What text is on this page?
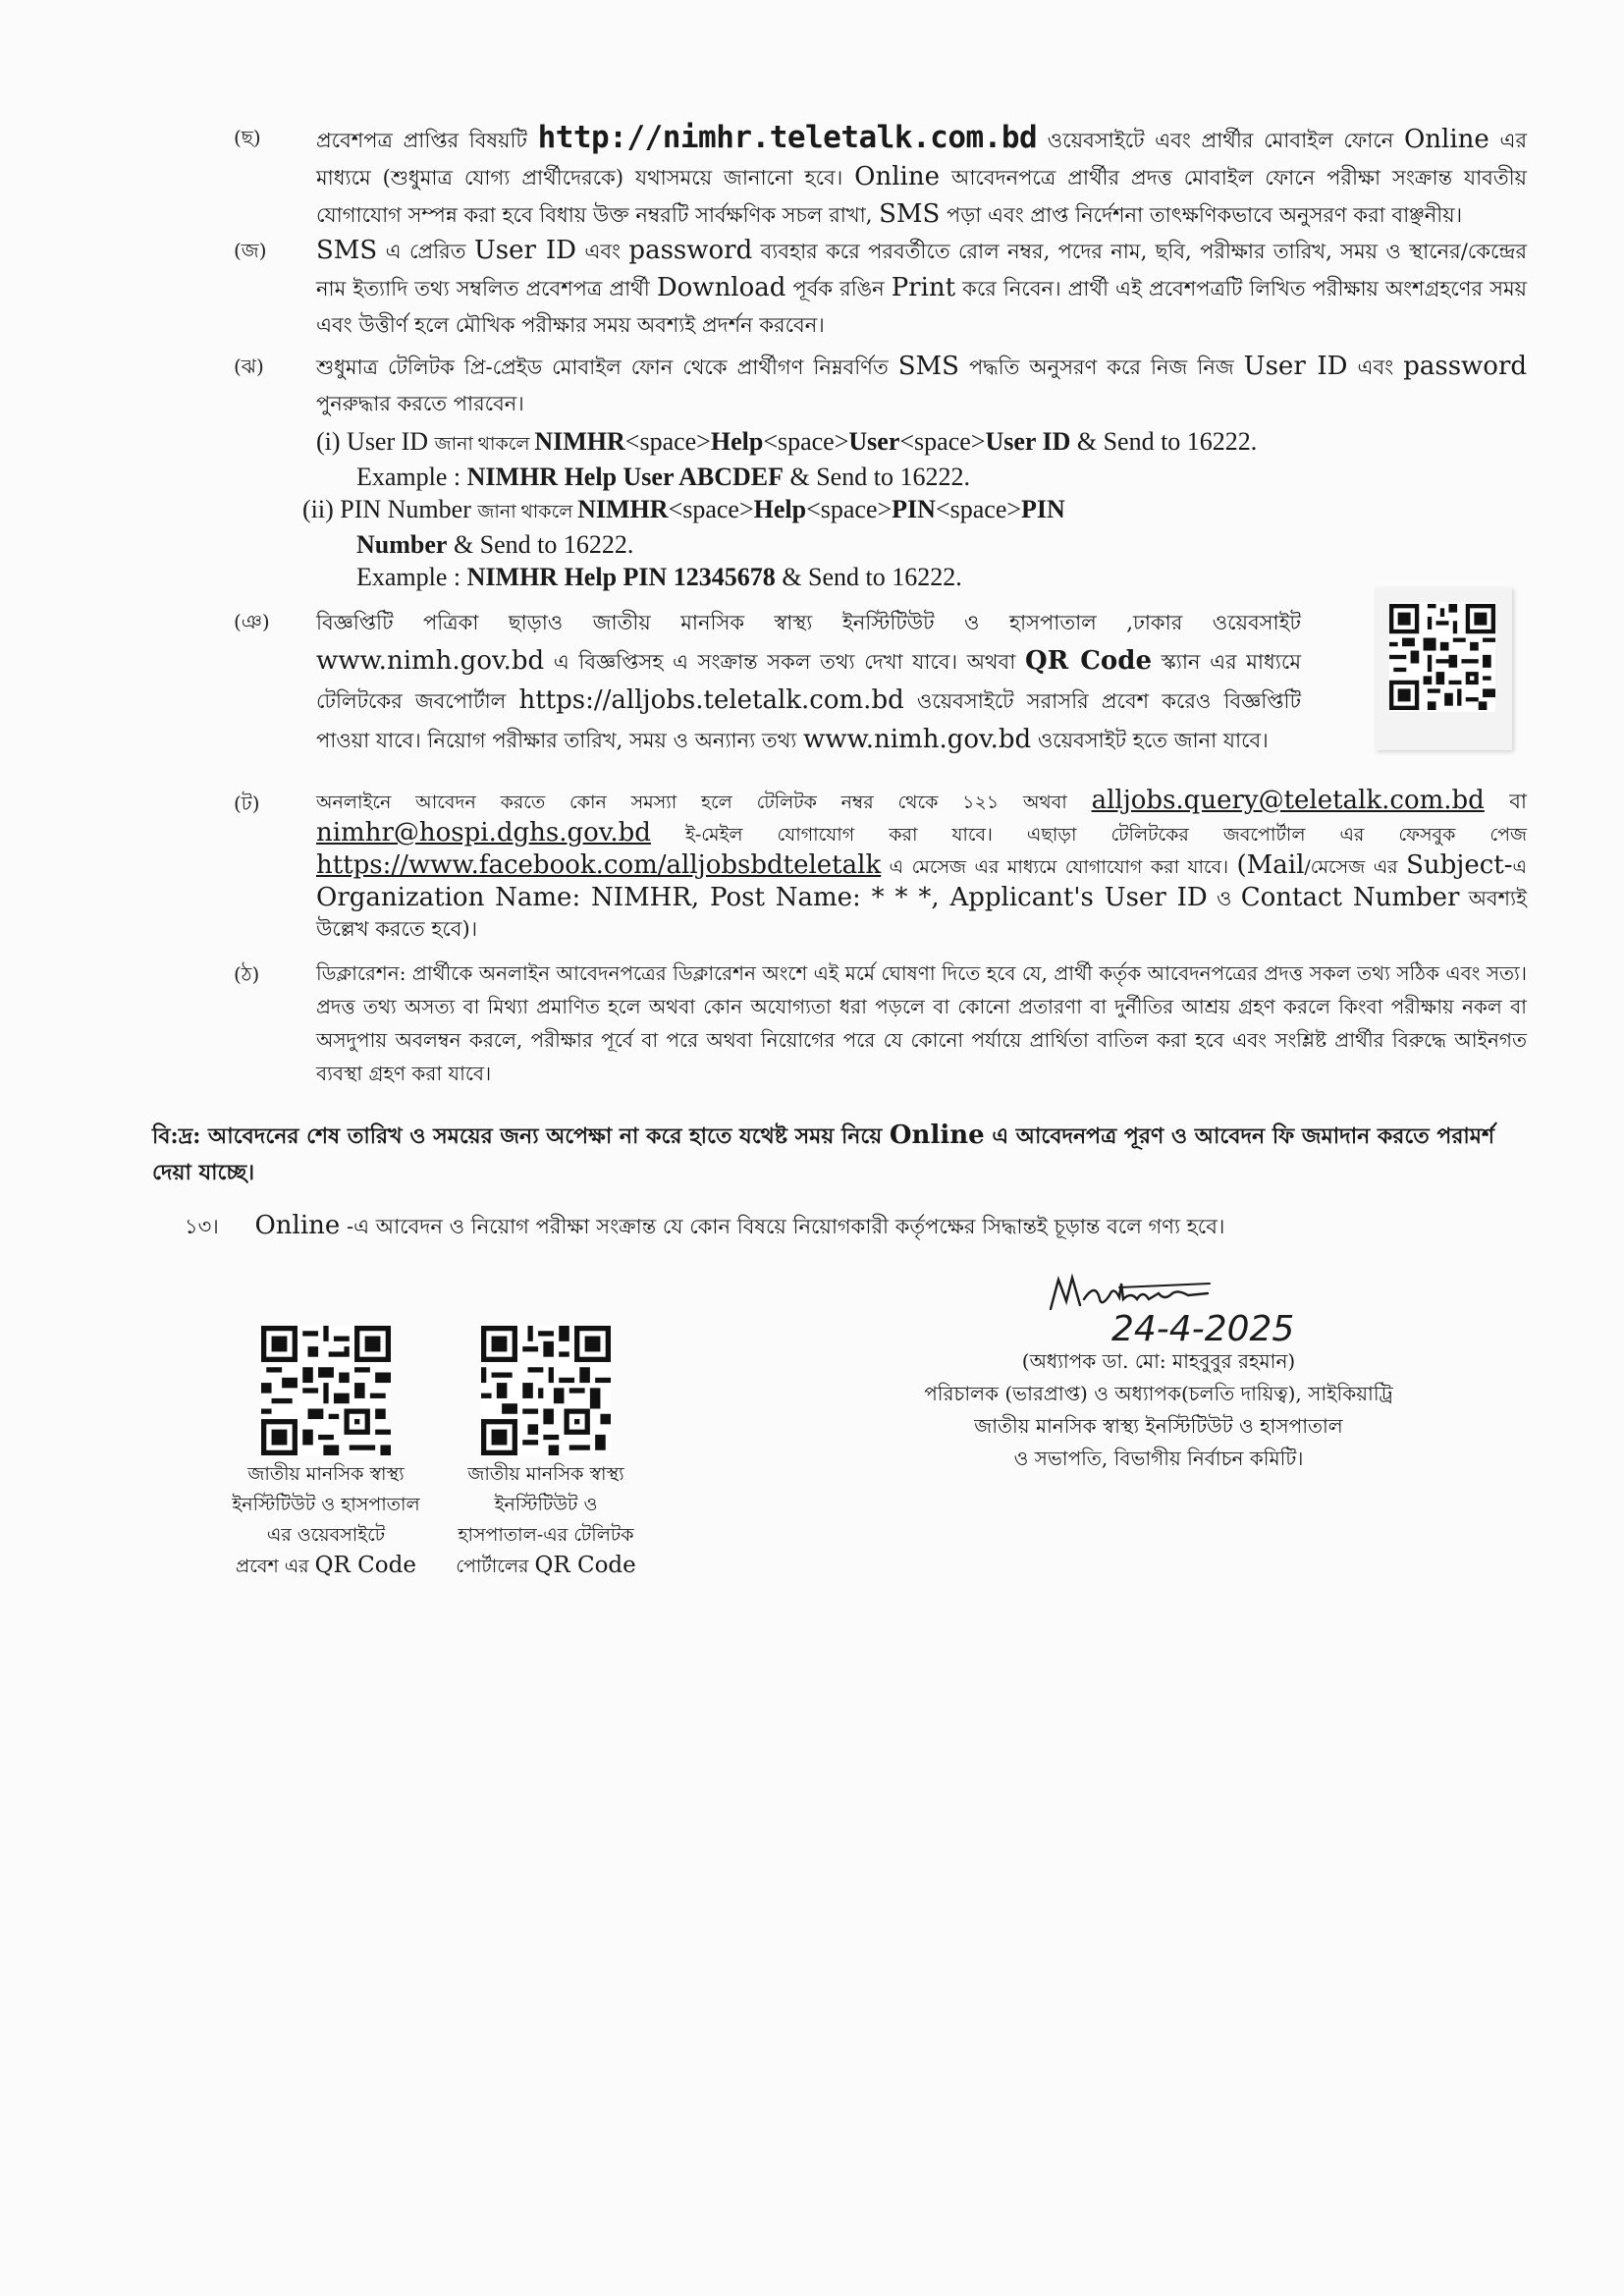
(ছ)	প্রবেশপত্র প্রাপ্তির বিষয়টি http://nimhr.teletalk.com.bd ওয়েবসাইটে এবং প্রার্থীর মোবাইল ফোনে Online এর মাধ্যমে (শুধুমাত্র যোগ্য প্রার্থীদেরকে) যথাসময়ে জানানো হবে। Online আবেদনপত্রে প্রার্থীর প্রদত্ত মোবাইল ফোনে পরীক্ষা সংক্রান্ত যাবতীয় যোগাযোগ সম্পন্ন করা হবে বিধায় উক্ত নম্বরটি সার্বক্ষণিক সচল রাখা, SMS পড়া এবং প্রাপ্ত নির্দেশনা তাৎক্ষণিকভাবে অনুসরণ করা বাঞ্ছনীয়।
(জ)	SMS এ প্রেরিত User ID এবং password ব্যবহার করে পরবর্তীতে রোল নম্বর, পদের নাম, ছবি, পরীক্ষার তারিখ, সময় ও স্থানের/কেন্দ্রের নাম ইত্যাদি তথ্য সম্বলিত প্রবেশপত্র প্রার্থী Download পূর্বক রঙিন Print করে নিবেন। প্রার্থী এই প্রবেশপত্রটি লিখিত পরীক্ষায় অংশগ্রহণের সময় এবং উত্তীর্ণ হলে মৌখিক পরীক্ষার সময় অবশ্যই প্রদর্শন করবেন।
(ঝ)	শুধুমাত্র টেলিটক প্রি-প্রেইড মোবাইল ফোন থেকে প্রার্থীগণ নিম্নবর্ণিত SMS পদ্ধতি অনুসরণ করে নিজ নিজ User ID এবং password পুনরুদ্ধার করতে পারবেন।
(i) User ID জানা থাকলে NIMHR<space>Help<space>User<space>User ID & Send to 16222.
Example : NIMHR Help User ABCDEF & Send to 16222.
(ii) PIN Number জানা থাকলে NIMHR<space>Help<space>PIN<space>PIN
Number & Send to 16222.
Example : NIMHR Help PIN 12345678 & Send to 16222.
(ঞ)	বিজ্ঞপ্তিটি পত্রিকা ছাড়াও জাতীয় মানসিক স্বাস্থ্য ইনস্টিটিউট ও হাসপাতাল ,ঢাকার ওয়েবসাইট www.nimh.gov.bd এ বিজ্ঞপ্তিসহ এ সংক্রান্ত সকল তথ্য দেখা যাবে। অথবা QR Code স্ক্যান এর মাধ্যমে টেলিটকের জবপোর্টাল https://alljobs.teletalk.com.bd ওয়েবসাইটে সরাসরি প্রবেশ করেও বিজ্ঞপ্তিটি পাওয়া যাবে। নিয়োগ পরীক্ষার তারিখ, সময় ও অন্যান্য তথ্য www.nimh.gov.bd ওয়েবসাইট হতে জানা যাবে।
(ট)	অনলাইনে আবেদন করতে কোন সমস্যা হলে টেলিটক নম্বর থেকে ১২১ অথবা alljobs.query@teletalk.com.bd বা nimhr@hospi.dghs.gov.bd ই-মেইল যোগাযোগ করা যাবে। এছাড়া টেলিটকের জবপোর্টাল এর ফেসবুক পেজ https://www.facebook.com/alljobsbdteletalk এ মেসেজ এর মাধ্যমে যোগাযোগ করা যাবে। (Mail/মেসেজ এর Subject-এ Organization Name: NIMHR, Post Name: * * *, Applicant's User ID ও Contact Number অবশ্যই উল্লেখ করতে হবে)।
(ঠ)	ডিক্লারেশন: প্রার্থীকে অনলাইন আবেদনপত্রের ডিক্লারেশন অংশে এই মর্মে ঘোষণা দিতে হবে যে, প্রার্থী কর্তৃক আবেদনপত্রের প্রদত্ত সকল তথ্য সঠিক এবং সত্য। প্রদত্ত তথ্য অসত্য বা মিথ্যা প্রমাণিত হলে অথবা কোন অযোগ্যতা ধরা পড়লে বা কোনো প্রতারণা বা দুর্নীতির আশ্রয় গ্রহণ করলে কিংবা পরীক্ষায় নকল বা অসদুপায় অবলম্বন করলে, পরীক্ষার পূর্বে বা পরে অথবা নিয়োগের পরে যে কোনো পর্যায়ে প্রার্থিতা বাতিল করা হবে এবং সংশ্লিষ্ট প্রার্থীর বিরুদ্ধে আইনগত ব্যবস্থা গ্রহণ করা যাবে।
বি:দ্র: আবেদনের শেষ তারিখ ও সময়ের জন্য অপেক্ষা না করে হাতে যথেষ্ট সময় নিয়ে Online এ আবেদনপত্র পূরণ ও আবেদন ফি জমাদান করতে পরামর্শ দেয়া যাচ্ছে।
১৩। Online -এ আবেদন ও নিয়োগ পরীক্ষা সংক্রান্ত যে কোন বিষয়ে নিয়োগকারী কর্তৃপক্ষের সিদ্ধান্তই চূড়ান্ত বলে গণ্য হবে।
জাতীয় মানসিক স্বাস্থ্য
ইনস্টিটিউট ও হাসপাতাল
এর ওয়েবসাইটে
প্রবেশ এর QR Code
জাতীয় মানসিক স্বাস্থ্য
ইনস্টিটিউট ও
হাসপাতাল-এর টেলিটক
পোর্টালের QR Code
24-4-2025
(অধ্যাপক ডা. মো: মাহবুবুর রহমান)
পরিচালক (ভারপ্রাপ্ত) ও অধ্যাপক(চলতি দায়িত্ব), সাইকিয়াট্রি
জাতীয় মানসিক স্বাস্থ্য ইনস্টিটিউট ও হাসপাতাল
ও সভাপতি, বিভাগীয় নির্বাচন কমিটি।
